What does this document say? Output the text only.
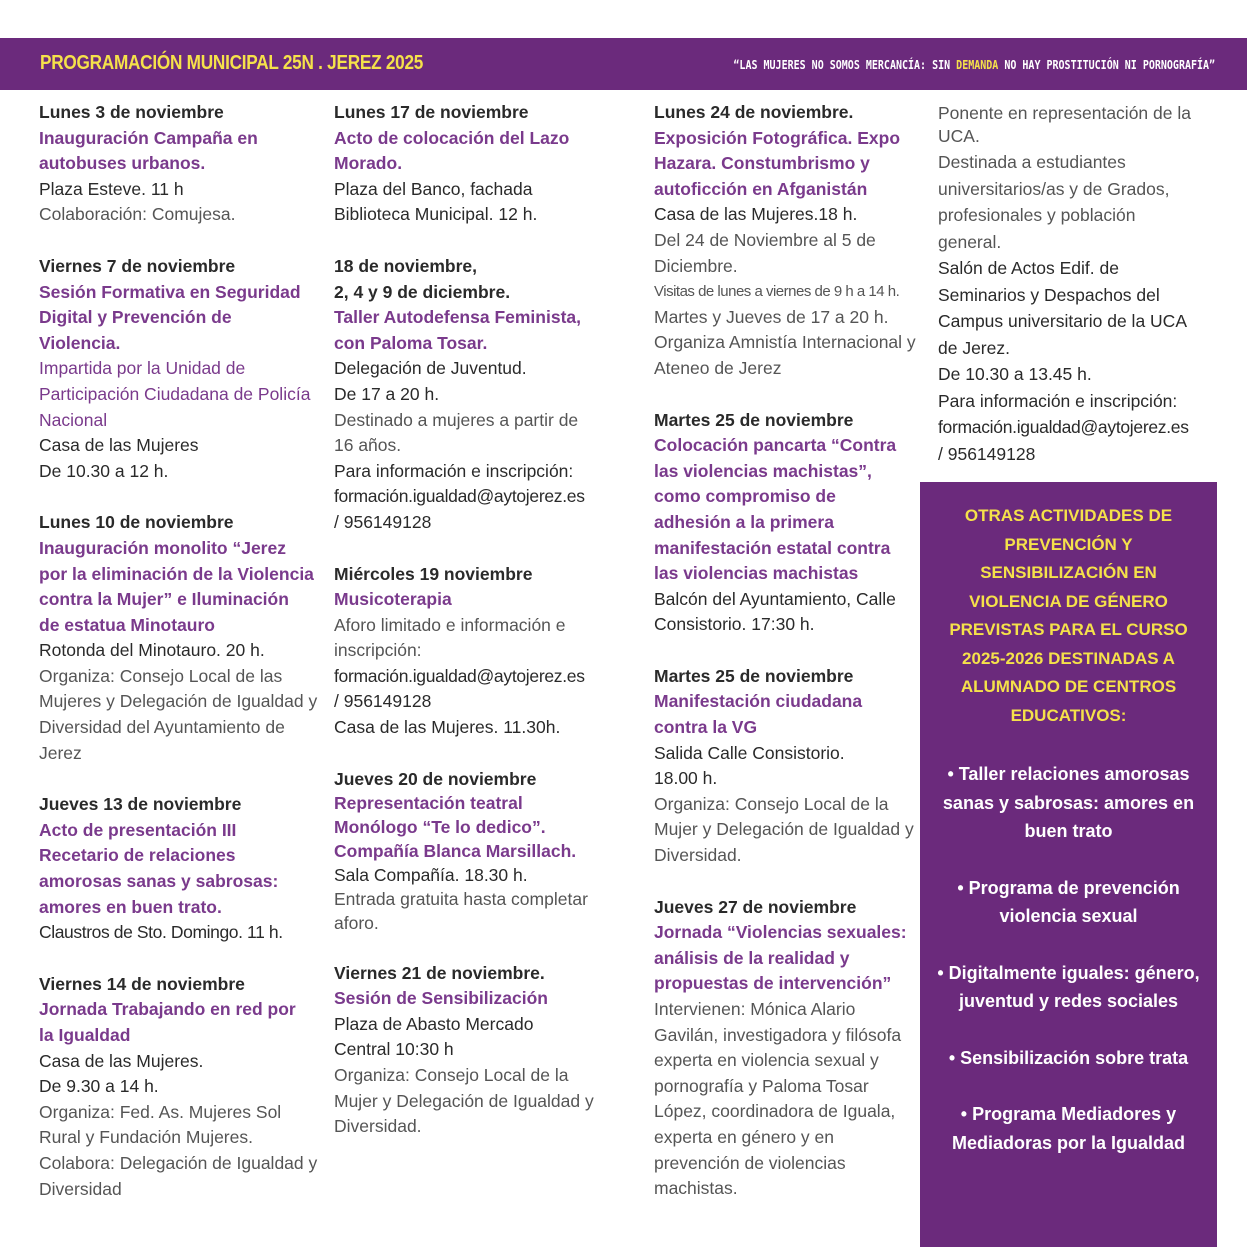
PROGRAMACIÓN MUNICIPAL 25N . JEREZ 2025	“LAS MUJERES NO SOMOS MERCANCÍA: SIN DEMANDA NO HAY PROSTITUCIÓN NI PORNOGRAFÍA”
Lunes 3 de noviembre
Inauguración Campaña en
autobuses urbanos.
Plaza Esteve. 11 h
Colaboración: Comujesa.
Viernes 7 de noviembre
Sesión Formativa en Seguridad
Digital y Prevención de
Violencia.
Impartida por la Unidad de
Participación Ciudadana de Policía
Nacional
Casa de las Mujeres
De 10.30 a 12 h.
Lunes 10 de noviembre
Inauguración monolito “Jerez
por la eliminación de la Violencia
contra la Mujer” e Iluminación
de estatua Minotauro
Rotonda del Minotauro. 20 h.
Organiza: Consejo Local de las
Mujeres y Delegación de Igualdad y
Diversidad del Ayuntamiento de
Jerez
Jueves 13 de noviembre
Acto de presentación III
Recetario de relaciones
amorosas sanas y sabrosas:
amores en buen trato.
Claustros de Sto. Domingo. 11 h.
Viernes 14 de noviembre
Jornada Trabajando en red por
la Igualdad
Casa de las Mujeres.
De 9.30 a 14 h.
Organiza: Fed. As. Mujeres Sol
Rural y Fundación Mujeres.
Colabora: Delegación de Igualdad y
Diversidad
Lunes 17 de noviembre
Acto de colocación del Lazo
Morado.
Plaza del Banco, fachada
Biblioteca Municipal. 12 h.
18 de noviembre,
2, 4 y 9 de diciembre.
Taller Autodefensa Feminista,
con Paloma Tosar.
Delegación de Juventud.
De 17 a 20 h.
Destinado a mujeres a partir de
16 años.
Para información e inscripción:
formación.igualdad@aytojerez.es
/ 956149128
Miércoles 19 noviembre
Musicoterapia
Aforo limitado e información e
inscripción:
formación.igualdad@aytojerez.es
/ 956149128
Casa de las Mujeres. 11.30h.
Jueves 20 de noviembre
Representación teatral
Monólogo “Te lo dedico”.
Compañía Blanca Marsillach.
Sala Compañía. 18.30 h.
Entrada gratuita hasta completar
aforo.
Viernes 21 de noviembre.
Sesión de Sensibilización
Plaza de Abasto Mercado
Central 10:30 h
Organiza: Consejo Local de la
Mujer y Delegación de Igualdad y
Diversidad.
Lunes 24 de noviembre.
Exposición Fotográfica. Expo
Hazara. Constumbrismo y
autoficción en Afganistán
Casa de las Mujeres.18 h.
Del 24 de Noviembre al 5 de
Diciembre.
Visitas de lunes a viernes de 9 h a 14 h.
Martes y Jueves de 17 a 20 h.
Organiza Amnistía Internacional y
Ateneo de Jerez
Martes 25 de noviembre
Colocación pancarta “Contra
las violencias machistas”,
como compromiso de
adhesión a la primera
manifestación estatal contra
las violencias machistas
Balcón del Ayuntamiento, Calle
Consistorio. 17:30 h.
Martes 25 de noviembre
Manifestación ciudadana
contra la VG
Salida Calle Consistorio.
18.00 h.
Organiza: Consejo Local de la
Mujer y Delegación de Igualdad y
Diversidad.
Jueves 27 de noviembre
Jornada “Violencias sexuales:
análisis de la realidad y
propuestas de intervención”
Intervienen: Mónica Alario
Gavilán, investigadora y filósofa
experta en violencia sexual y
pornografía y Paloma Tosar
López, coordinadora de Iguala,
experta en género y en
prevención de violencias
machistas.
Ponente en representación de la
UCA.
Destinada a estudiantes
universitarios/as y de Grados,
profesionales y población
general.
Salón de Actos Edif. de
Seminarios y Despachos del
Campus universitario de la UCA
de Jerez.
De 10.30 a 13.45 h.
Para información e inscripción:
formación.igualdad@aytojerez.es
/ 956149128
OTRAS ACTIVIDADES DE
PREVENCIÓN Y
SENSIBILIZACIÓN EN
VIOLENCIA DE GÉNERO
PREVISTAS PARA EL CURSO
2025-2026 DESTINADAS A
ALUMNADO DE CENTROS
EDUCATIVOS:
• Taller relaciones amorosas
sanas y sabrosas: amores en
buen trato
• Programa de prevención
violencia sexual
• Digitalmente iguales: género,
juventud y redes sociales
• Sensibilización sobre trata
• Programa Mediadores y
Mediadoras por la Igualdad
